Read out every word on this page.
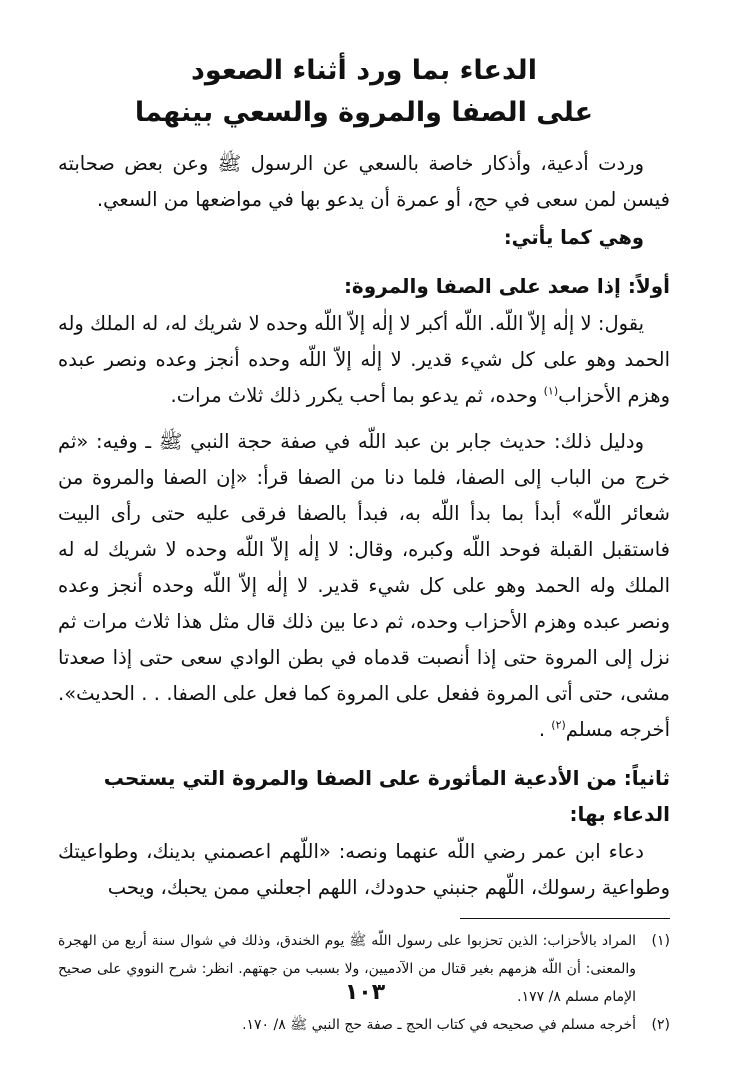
الدعاء بما ورد أثناء الصعود
على الصفا والمروة والسعي بينهما

وردت أدعية، وأذكار خاصة بالسعي عن الرسول ﷺ وعن بعض صحابته فيسن لمن سعى في حج، أو عمرة أن يدعو بها في مواضعها من السعي.

وهي كما يأتي:

أولاً: إذا صعد على الصفا والمروة:

يقول: لا إلٰه إلاّ اللّه. اللّه أكبر لا إلٰه إلاّ اللّه وحده لا شريك له، له الملك وله الحمد وهو على كل شيء قدير. لا إلٰه إلاّ اللّه وحده أنجز وعده ونصر عبده وهزم الأحزاب$^{(١)}$ وحده، ثم يدعو بما أحب يكرر ذلك ثلاث مرات.

ودليل ذلك: حديث جابر بن عبد اللّه في صفة حجة النبي ﷺ ـ وفيه: «ثم خرج من الباب إلى الصفا، فلما دنا من الصفا قرأ: «إن الصفا والمروة من شعائر اللّه» أبدأ بما بدأ اللّه به، فبدأ بالصفا فرقى عليه حتى رأى البيت فاستقبل القبلة فوحد اللّه وكبره، وقال: لا إلٰه إلاّ اللّه وحده لا شريك له له الملك وله الحمد وهو على كل شيء قدير. لا إلٰه إلاّ اللّه وحده أنجز وعده ونصر عبده وهزم الأحزاب وحده، ثم دعا بين ذلك قال مثل هذا ثلاث مرات ثم نزل إلى المروة حتى إذا أنصبت قدماه في بطن الوادي سعى حتى إذا صعدتا مشى، حتى أتى المروة ففعل على المروة كما فعل على الصفا. . . الحديث». أخرجه مسلم$^{(٢)}$ .

ثانياً: من الأدعية المأثورة على الصفا والمروة التي يستحب الدعاء بها:

دعاء ابن عمر رضي اللّه عنهما ونصه: «اللّهم اعصمني بدينك، وطواعيتك وطواعية رسولك، اللّهم جنبني حدودك، اللهم اجعلني ممن يحبك، ويحب

(١)
المراد بالأحزاب: الذين تحزبوا على رسول اللّه ﷺ يوم الخندق، وذلك في شوال سنة أربع من الهجرة والمعنى: أن اللّه هزمهم بغير قتال من الآدميين، ولا بسبب من جهتهم. انظر: شرح النووي على صحيح الإمام مسلم ٨/ ١٧٧.
(٢)
أخرجه مسلم في صحيحه في كتاب الحج ـ صفة حج النبي ﷺ ٨/ ١٧٠.
١٠٣
